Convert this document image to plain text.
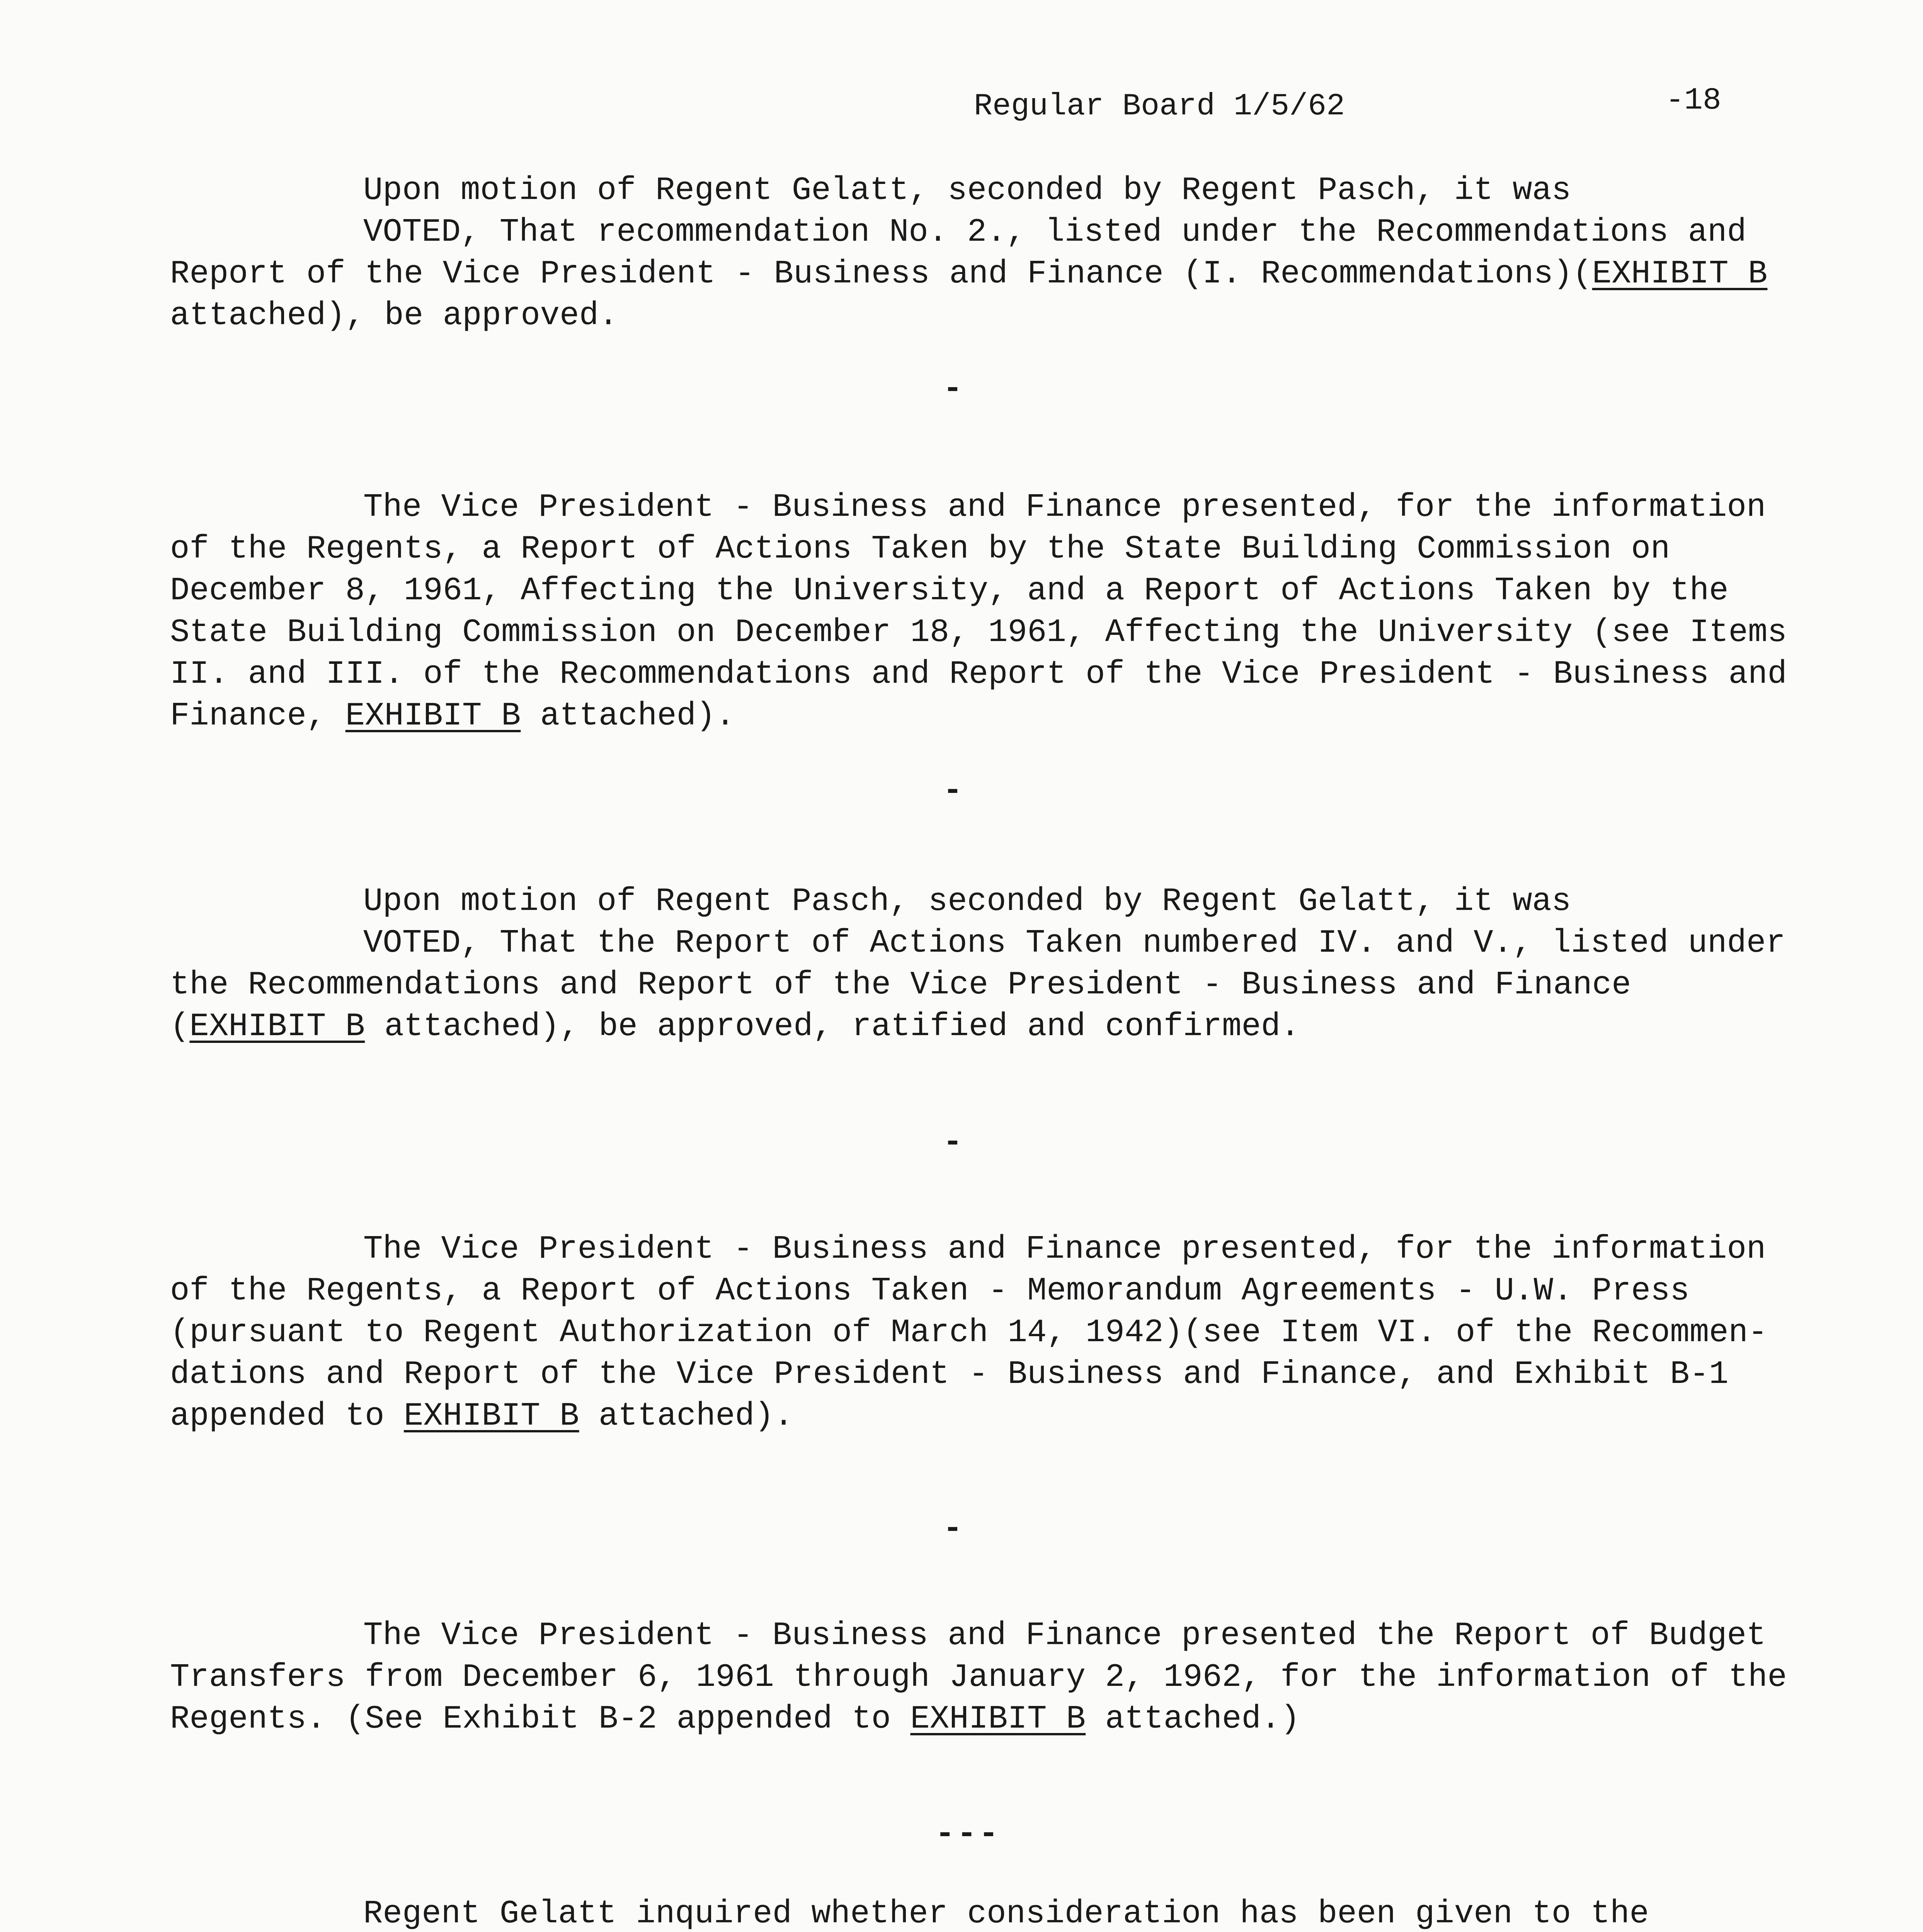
Regular Board 1/5/62	-18
Upon motion of Regent Gelatt, seconded by Regent Pasch, it was
VOTED, That recommendation No. 2., listed under the Recommendations and
Report of the Vice President - Business and Finance (I. Recommendations)(EXHIBIT B
attached), be approved.
-
The Vice President - Business and Finance presented, for the information
of the Regents, a Report of Actions Taken by the State Building Commission on
December 8, 1961, Affecting the University, and a Report of Actions Taken by the
State Building Commission on December 18, 1961, Affecting the University (see Items
II. and III. of the Recommendations and Report of the Vice President - Business and
Finance, EXHIBIT B attached).
-
Upon motion of Regent Pasch, seconded by Regent Gelatt, it was
VOTED, That the Report of Actions Taken numbered IV. and V., listed under
the Recommendations and Report of the Vice President - Business and Finance
(EXHIBIT B attached), be approved, ratified and confirmed.
-
The Vice President - Business and Finance presented, for the information
of the Regents, a Report of Actions Taken - Memorandum Agreements - U.W. Press
(pursuant to Regent Authorization of March 14, 1942)(see Item VI. of the Recommen-
dations and Report of the Vice President - Business and Finance, and Exhibit B-1
appended to EXHIBIT B attached).
-
The Vice President - Business and Finance presented the Report of Budget
Transfers from December 6, 1961 through January 2, 1962, for the information of the
Regents. (See Exhibit B-2 appended to EXHIBIT B attached.)
---
Regent Gelatt inquired whether consideration has been given to the
